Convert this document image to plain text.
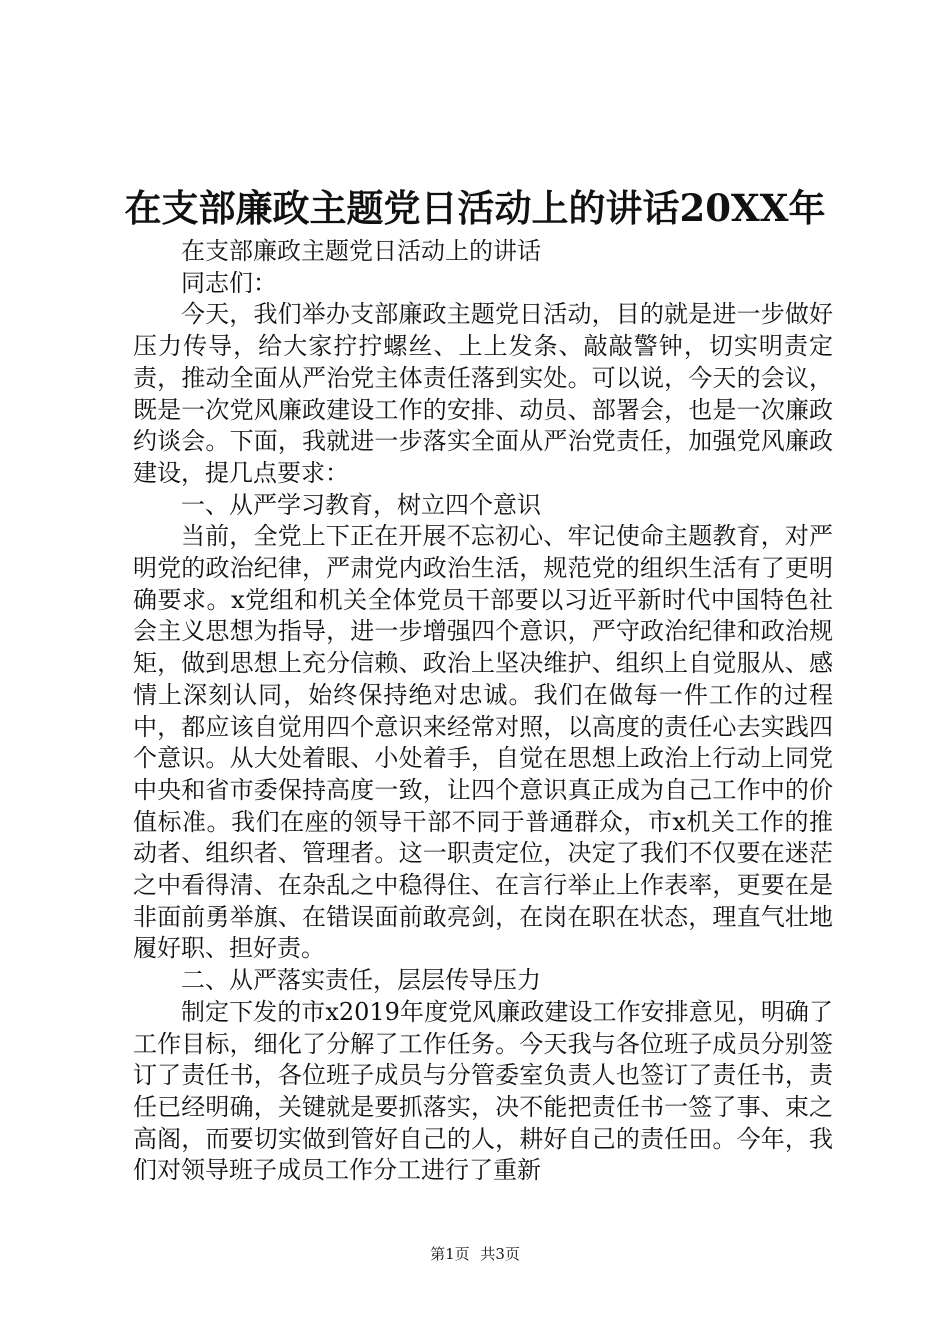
在支部廉政主题党日活动上的讲话20XX年

在支部廉政主题党日活动上的讲话

同志们：

今天，我们举办支部廉政主题党日活动，目的就是进一步做好压力传导，给大家拧拧螺丝、上上发条、敲敲警钟，切实明责定责，推动全面从严治党主体责任落到实处。可以说，今天的会议，既是一次党风廉政建设工作的安排、动员、部署会，也是一次廉政约谈会。下面，我就进一步落实全面从严治党责任，加强党风廉政建设，提几点要求：

一、从严学习教育，树立四个意识

当前，全党上下正在开展不忘初心、牢记使命主题教育，对严明党的政治纪律，严肃党内政治生活，规范党的组织生活有了更明确要求。x党组和机关全体党员干部要以习近平新时代中国特色社会主义思想为指导，进一步增强四个意识，严守政治纪律和政治规矩，做到思想上充分信赖、政治上坚决维护、组织上自觉服从、感情上深刻认同，始终保持绝对忠诚。我们在做每一件工作的过程中，都应该自觉用四个意识来经常对照，以高度的责任心去实践四个意识。从大处着眼、小处着手，自觉在思想上政治上行动上同党中央和省市委保持高度一致，让四个意识真正成为自己工作中的价值标准。我们在座的领导干部不同于普通群众，市x机关工作的推动者、组织者、管理者。这一职责定位，决定了我们不仅要在迷茫之中看得清、在杂乱之中稳得住、在言行举止上作表率，更要在是非面前勇举旗、在错误面前敢亮剑，在岗在职在状态，理直气壮地履好职、担好责。

二、从严落实责任，层层传导压力

制定下发的市x2019年度党风廉政建设工作安排意见，明确了工作目标，细化了分解了工作任务。今天我与各位班子成员分别签订了责任书，各位班子成员与分管委室负责人也签订了责任书，责任已经明确，关键就是要抓落实，决不能把责任书一签了事、束之高阁，而要切实做到管好自己的人，耕好自己的责任田。今年，我们对领导班子成员工作分工进行了重新

第1页 共3页
